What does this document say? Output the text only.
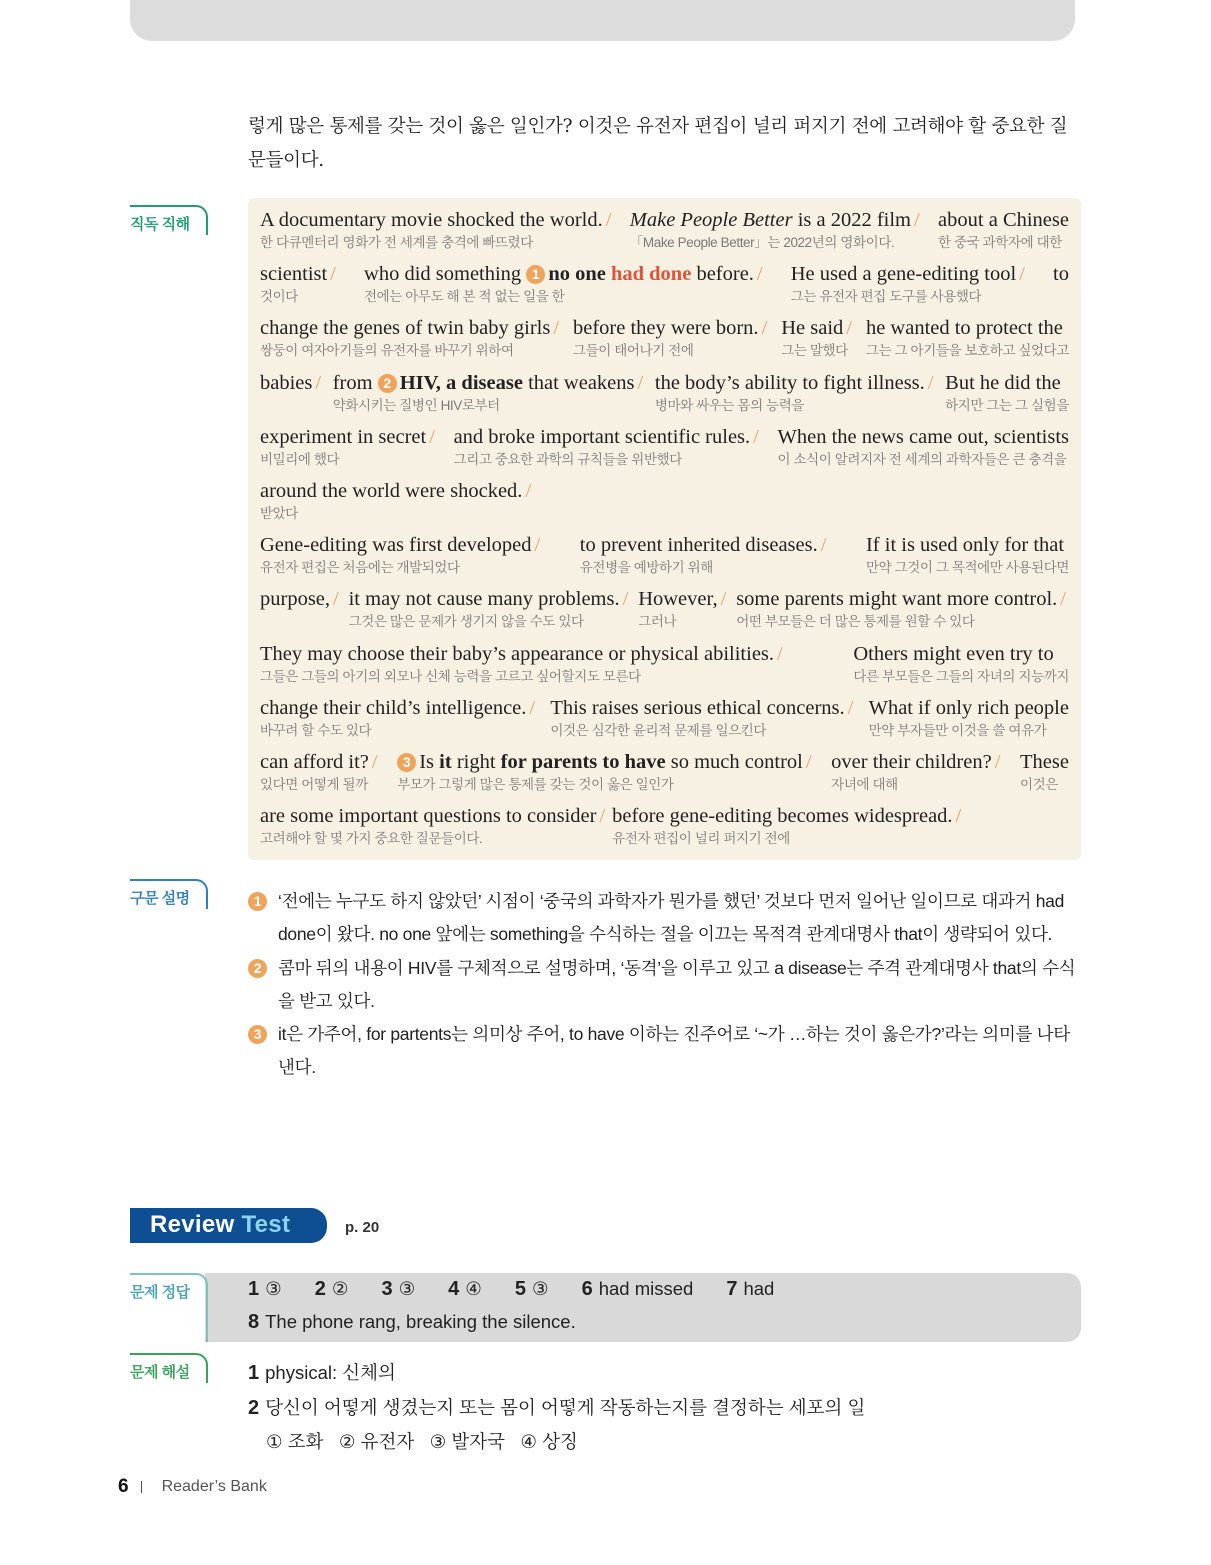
렇게 많은 통제를 갖는 것이 옳은 일인가? 이것은 유전자 편집이 널리 퍼지기 전에 고려해야 할 중요한 질문들이다.

직독 직해	A documentary movie shocked the world. /
한 다큐멘터리 영화가 전 세계를 충격에 빠뜨렸다
Make People Better is a 2022 film /
「Make People Better」는 2022년의 영화이다.
about a Chinese
한 중국 과학자에 대한
scientist /
것이다
who did something 1 no one had done before. /
전에는 아무도 해 본 적 없는 일을 한
He used a gene-editing tool /
그는 유전자 편집 도구를 사용했다
to
change the genes of twin baby girls /
쌍둥이 여자아기들의 유전자를 바꾸기 위하여
before they were born. /
그들이 태어나기 전에
He said /
그는 말했다
he wanted to protect the
그는 그 아기들을 보호하고 싶었다고
babies / from 2 HIV, a disease that weakens /
약화시키는 질병인 HIV로부터
the body’s ability to fight illness. /
병마와 싸우는 몸의 능력을
But he did the
하지만 그는 그 실험을
experiment in secret /
비밀리에 했다
and broke important scientific rules. /
그리고 중요한 과학의 규칙들을 위반했다
When the news came out, scientists
이 소식이 알려지자 전 세계의 과학자들은 큰 충격을
around the world were shocked. /
받았다
Gene-editing was first developed /
유전자 편집은 처음에는 개발되었다
to prevent inherited diseases. /
유전병을 예방하기 위해
If it is used only for that
만약 그것이 그 목적에만 사용된다면
purpose, / it may not cause many problems. /
그것은 많은 문제가 생기지 않을 수도 있다
However, /
그러나
some parents might want more control. /
어떤 부모들은 더 많은 통제를 원할 수 있다
They may choose their baby’s appearance or physical abilities. /
그들은 그들의 아기의 외모나 신체 능력을 고르고 싶어할지도 모른다
Others might even try to
다른 부모들은 그들의 자녀의 지능까지
change their child’s intelligence. /
바꾸려 할 수도 있다
This raises serious ethical concerns. /
이것은 심각한 윤리적 문제를 일으킨다
What if only rich people
만약 부자들만 이것을 쓸 여유가
can afford it? /
있다면 어떻게 될까
3 Is it right for parents to have so much control /
부모가 그렇게 많은 통제를 갖는 것이 옳은 일인가
over their children? /
자녀에 대해
These
이것은
are some important questions to consider /
고려해야 할 몇 가지 중요한 질문들이다.
before gene-editing becomes widespread. /
유전자 편집이 널리 퍼지기 전에
구문 설명	1 ‘전에는 누구도 하지 않았던’ 시점이 ‘중국의 과학자가 뭔가를 했던’ 것보다 먼저 일어난 일이므로 대과거 had done이 왔다. no one 앞에는 something을 수식하는 절을 이끄는 목적격 관계대명사 that이 생략되어 있다.
2 콤마 뒤의 내용이 HIV를 구체적으로 설명하며, ‘동격’을 이루고 있고 a disease는 주격 관계대명사 that의 수식을 받고 있다.
3 it은 가주어, for partents는 의미상 주어, to have 이하는 진주어로 ‘~가 …하는 것이 옳은가?’라는 의미를 나타낸다.
Review Test	p. 20
문제 정답	1 ③ 2 ② 3 ③ 4 ④ 5 ③ 6 had missed 7 had
8 The phone rang, breaking the silence.
문제 해설	1 physical: 신체의
2 당신이 어떻게 생겼는지 또는 몸이 어떻게 작동하는지를 결정하는 세포의 일
① 조화   ② 유전자   ③ 발자국   ④ 상징
6 Reader’s Bank
